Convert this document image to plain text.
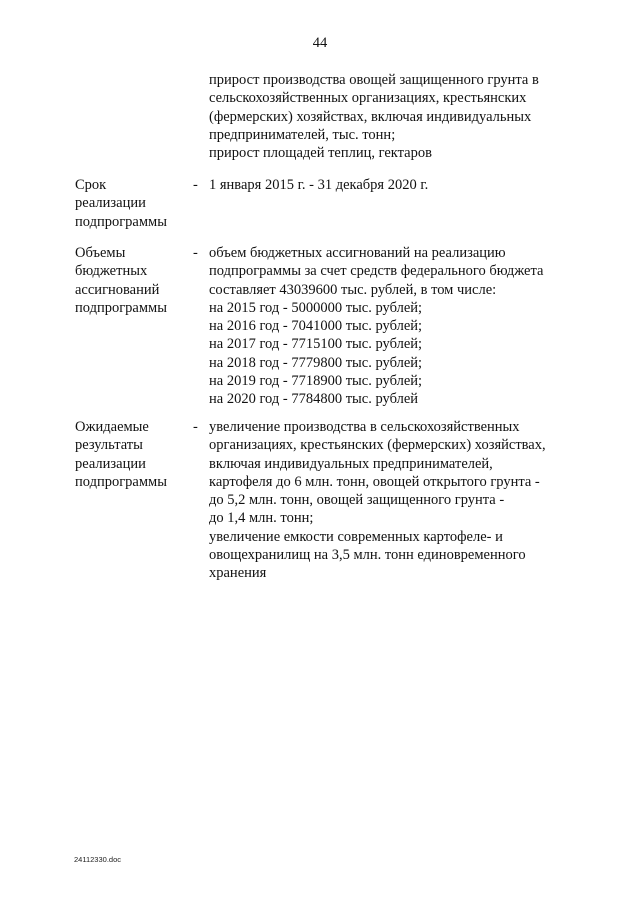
44
прирост производства овощей защищенного грунта в
сельскохозяйственных организациях, крестьянских
(фермерских) хозяйствах, включая индивидуальных
предпринимателей, тыс. тонн;
прирост площадей теплиц, гектаров
Срок
реализации
подпрограммы
- 1 января 2015 г. - 31 декабря 2020 г.
Объемы
бюджетных
ассигнований
подпрограммы
- объем бюджетных ассигнований на реализацию
подпрограммы за счет средств федерального бюджета
составляет 43039600 тыс. рублей, в том числе:
на 2015 год - 5000000 тыс. рублей;
на 2016 год - 7041000 тыс. рублей;
на 2017 год - 7715100 тыс. рублей;
на 2018 год - 7779800 тыс. рублей;
на 2019 год - 7718900 тыс. рублей;
на 2020 год - 7784800 тыс. рублей
Ожидаемые
результаты
реализации
подпрограммы
- увеличение производства в сельскохозяйственных
организациях, крестьянских (фермерских) хозяйствах,
включая индивидуальных предпринимателей,
картофеля до 6 млн. тонн, овощей открытого грунта -
до 5,2 млн. тонн, овощей защищенного грунта -
до 1,4 млн. тонн;
увеличение емкости современных картофеле- и
овощехранилищ на 3,5 млн. тонн единовременного
хранения
24112330.doc
